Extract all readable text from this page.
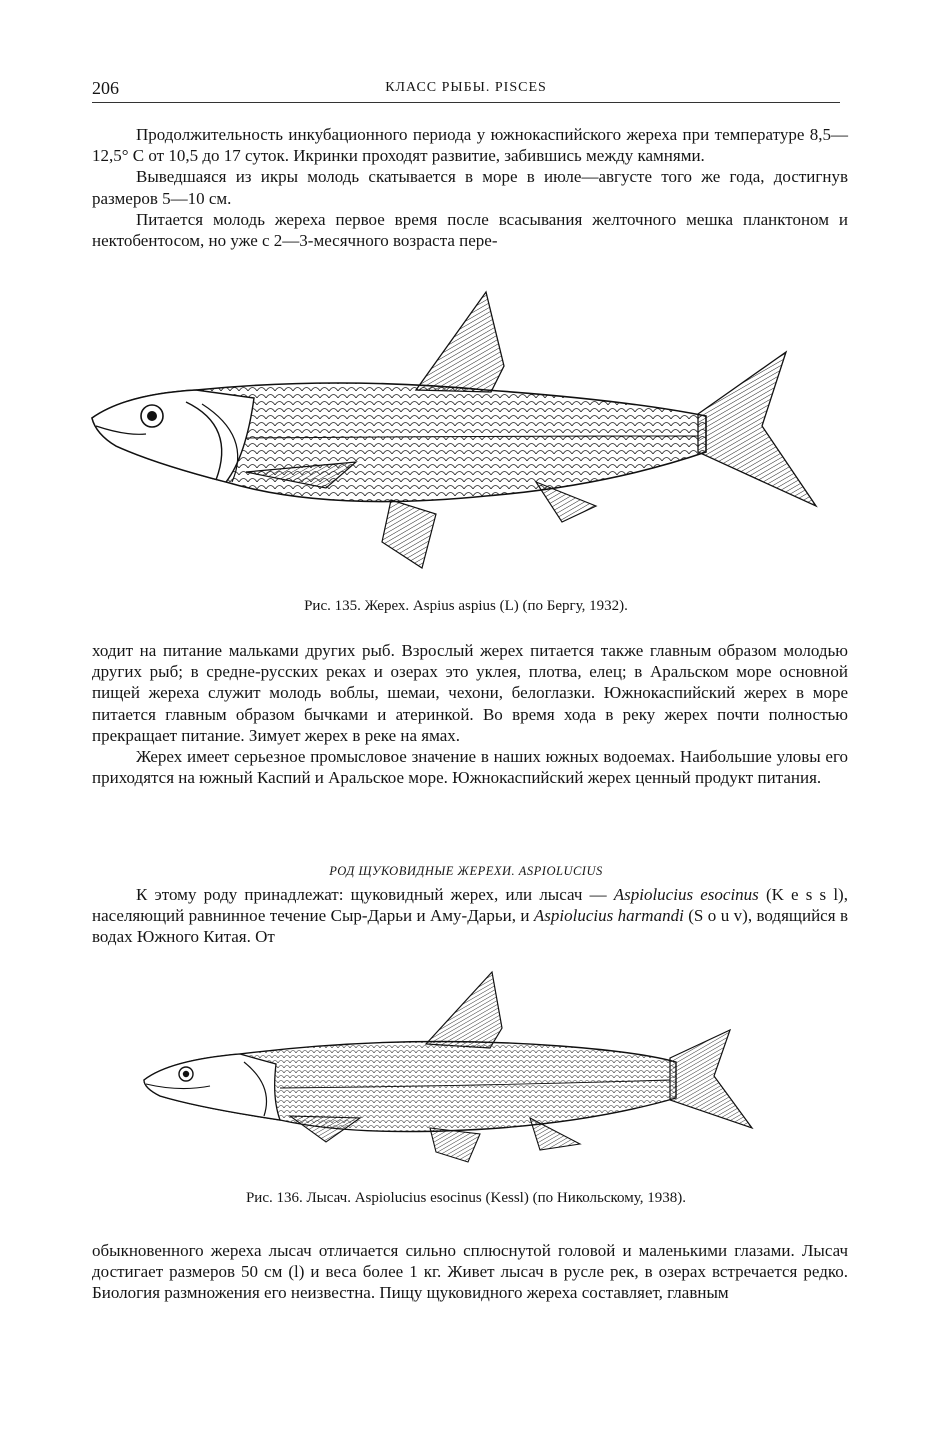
206	КЛАСС РЫБЫ. PISCES

Продолжительность инкубационного периода у южнокаспийского жереха при температуре 8,5—12,5° С от 10,5 до 17 суток. Икринки проходят развитие, забившись между камнями.

Выведшаяся из икры молодь скатывается в море в июле—августе того же года, достигнув размеров 5—10 см.

Питается молодь жереха первое время после всасывания желточного мешка планктоном и нектобентосом, но уже с 2—3-месячного возраста пере-

Рис. 135. Жерех. Aspius aspius (L) (по Бергу, 1932).

ходит на питание мальками других рыб. Взрослый жерех питается также главным образом молодью других рыб; в средне-русских реках и озерах это уклея, плотва, елец; в Аральском море основной пищей жереха служит молодь воблы, шемаи, чехони, белоглазки. Южнокаспийский жерех в море питается главным образом бычками и атеринкой. Во время хода в реку жерех почти полностью прекращает питание. Зимует жерех в реке на ямах.

Жерех имеет серьезное промысловое значение в наших южных водоемах. Наибольшие уловы его приходятся на южный Каспий и Аральское море. Южнокаспийский жерех ценный продукт питания.

РОД ЩУКОВИДНЫЕ ЖЕРЕХИ. ASPIOLUCIUS

К этому роду принадлежат: щуковидный жерех, или лысач — Aspiolucius esocinus (K e s s l), населяющий равнинное течение Сыр-Дарьи и Аму-Дарьи, и Aspiolucius harmandi (S o u v), водящийся в водах Южного Китая. От

Рис. 136. Лысач. Aspiolucius esocinus (Kessl) (по Никольскому, 1938).

обыкновенного жереха лысач отличается сильно сплюснутой головой и маленькими глазами. Лысач достигает размеров 50 см (l) и веса более 1 кг. Живет лысач в русле рек, в озерах встречается редко. Биология размножения его неизвестна. Пищу щуковидного жереха составляет, главным
